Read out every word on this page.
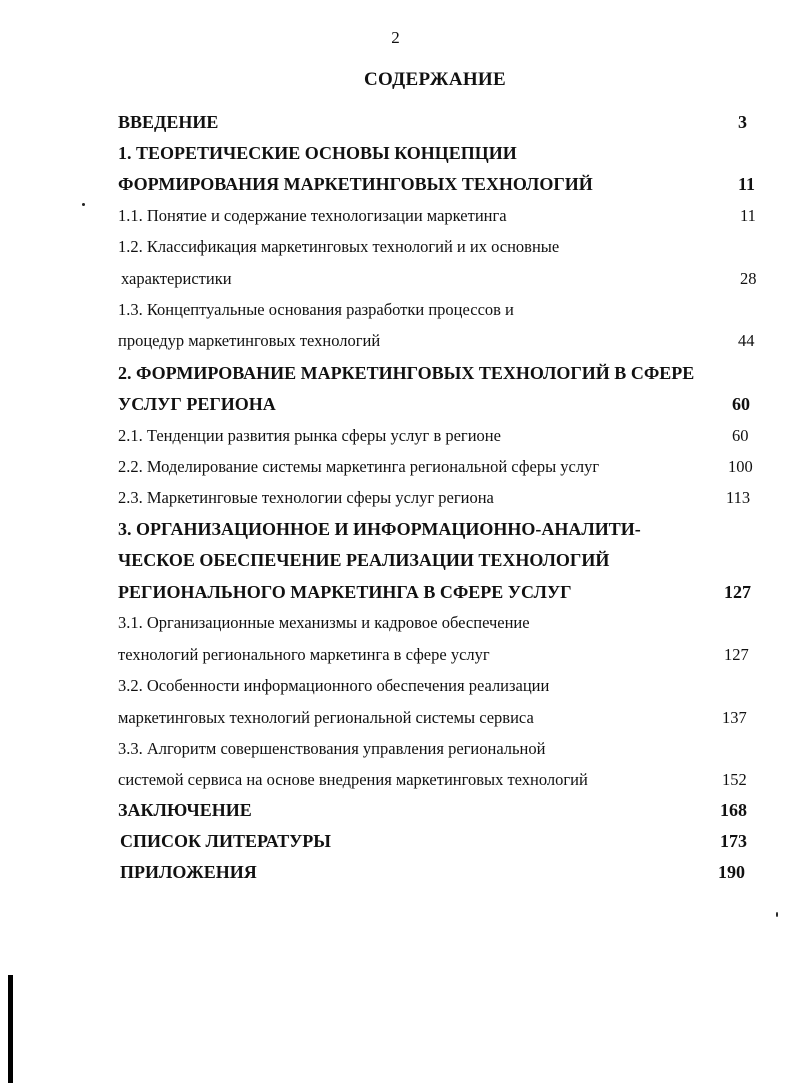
2
СОДЕРЖАНИЕ
ВВЕДЕНИЕ	3
1. ТЕОРЕТИЧЕСКИЕ ОСНОВЫ КОНЦЕПЦИИ
ФОРМИРОВАНИЯ МАРКЕТИНГОВЫХ ТЕХНОЛОГИЙ	11
1.1. Понятие и содержание технологизации маркетинга	11
1.2. Классификация маркетинговых технологий и их основные
характеристики	28
1.3. Концептуальные основания разработки процессов и
процедур маркетинговых технологий	44
2. ФОРМИРОВАНИЕ МАРКЕТИНГОВЫХ ТЕХНОЛОГИЙ В СФЕРЕ
УСЛУГ РЕГИОНА	60
2.1. Тенденции развития рынка сферы услуг в регионе	60
2.2. Моделирование системы маркетинга региональной сферы услуг	100
2.3. Маркетинговые технологии сферы услуг региона	113
3. ОРГАНИЗАЦИОННОЕ И ИНФОРМАЦИОННО-АНАЛИТИ-
ЧЕСКОЕ ОБЕСПЕЧЕНИЕ РЕАЛИЗАЦИИ ТЕХНОЛОГИЙ
РЕГИОНАЛЬНОГО МАРКЕТИНГА В СФЕРЕ УСЛУГ	127
3.1. Организационные механизмы и кадровое обеспечение
технологий регионального маркетинга в сфере услуг	127
3.2. Особенности информационного обеспечения реализации
маркетинговых технологий региональной системы сервиса	137
3.3. Алгоритм совершенствования управления региональной
системой сервиса на основе внедрения маркетинговых технологий	152
ЗАКЛЮЧЕНИЕ	168
СПИСОК ЛИТЕРАТУРЫ	173
ПРИЛОЖЕНИЯ	190
